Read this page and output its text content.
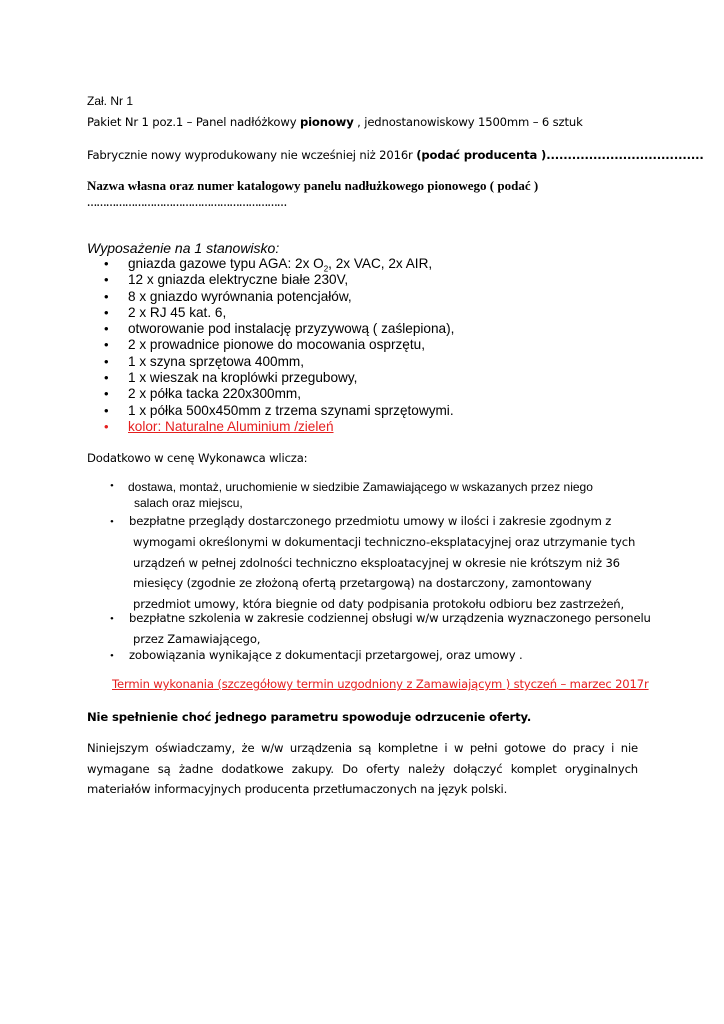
Zał. Nr 1
Pakiet Nr 1 poz.1 – Panel nadłóżkowy pionowy , jednostanowiskowy 1500mm – 6 sztuk
Fabrycznie nowy wyprodukowany nie wcześniej niż 2016r (podać producenta ).....................................
Nazwa własna oraz numer katalogowy panelu nadłużkowego pionowego ( podać )
………………………………………………………
Wyposażenie na 1 stanowisko:
• gniazda gazowe typu AGA: 2x $O_2$, 2x VAC, 2x AIR,
• 12 x gniazda elektryczne białe 230V,
• 8 x gniazdo wyrównania potencjałów,
• 2 x RJ 45 kat. 6,
• otworowanie pod instalację przyzywową ( zaślepiona),
• 2 x prowadnice pionowe do mocowania osprzętu,
• 1 x szyna sprzętowa 400mm,
• 1 x wieszak na kroplówki przegubowy,
• 2 x półka tacka 220x300mm,
• 1 x półka 500x450mm z trzema szynami sprzętowymi.
• kolor: Naturalne Aluminium /zieleń
Dodatkowo w cenę Wykonawca wlicza:
• dostawa, montaż, uruchomienie w siedzibie Zamawiającego w wskazanych przez niego
salach oraz miejscu,
• bezpłatne przeglądy dostarczonego przedmiotu umowy w ilości i zakresie zgodnym z
wymogami określonymi w dokumentacji techniczno-eksplatacyjnej oraz utrzymanie tych
urządzeń w pełnej zdolności techniczno eksploatacyjnej w okresie nie krótszym niż 36
miesięcy (zgodnie ze złożoną ofertą przetargową) na dostarczony, zamontowany
przedmiot umowy, która biegnie od daty podpisania protokołu odbioru bez zastrzeżeń,
• bezpłatne szkolenia w zakresie codziennej obsługi w/w urządzenia wyznaczonego personelu
przez Zamawiającego,
• zobowiązania wynikające z dokumentacji przetargowej, oraz umowy .
Termin wykonania (szczegółowy termin uzgodniony z Zamawiającym ) styczeń – marzec 2017r
Nie spełnienie choć jednego parametru spowoduje odrzucenie oferty.
Niniejszym oświadczamy, że w/w urządzenia są kompletne i w pełni gotowe do pracy i nie wymagane są żadne dodatkowe zakupy. Do oferty należy dołączyć komplet oryginalnych materiałów informacyjnych producenta przetłumaczonych na język polski.
